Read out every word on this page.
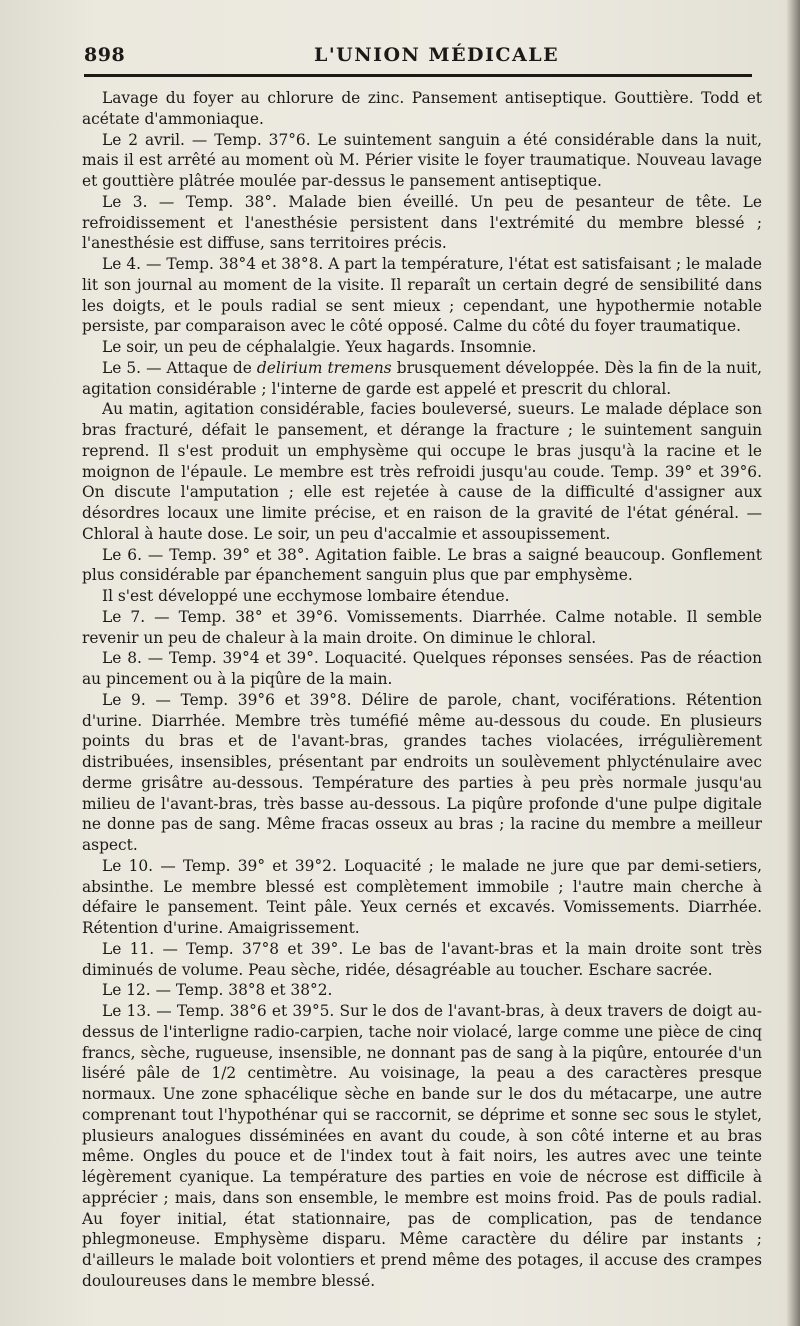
898	L'UNION MÉDICALE

Lavage du foyer au chlorure de zinc. Pansement antiseptique. Gouttière. Todd et acétate d'ammoniaque.

Le 2 avril. — Temp. 37°6. Le suintement sanguin a été considérable dans la nuit, mais il est arrêté au moment où M. Périer visite le foyer traumatique. Nouveau lavage et gouttière plâtrée moulée par-dessus le pansement antiseptique.

Le 3. — Temp. 38°. Malade bien éveillé. Un peu de pesanteur de tête. Le refroidissement et l'anesthésie persistent dans l'extrémité du membre blessé ; l'anesthésie est diffuse, sans territoires précis.

Le 4. — Temp. 38°4 et 38°8. A part la température, l'état est satisfaisant ; le malade lit son journal au moment de la visite. Il reparaît un certain degré de sensibilité dans les doigts, et le pouls radial se sent mieux ; cependant, une hypothermie notable persiste, par comparaison avec le côté opposé. Calme du côté du foyer traumatique.

Le soir, un peu de céphalalgie. Yeux hagards. Insomnie.

Le 5. — Attaque de delirium tremens brusquement développée. Dès la fin de la nuit, agitation considérable ; l'interne de garde est appelé et prescrit du chloral.

Au matin, agitation considérable, facies bouleversé, sueurs. Le malade déplace son bras fracturé, défait le pansement, et dérange la fracture ; le suintement sanguin reprend. Il s'est produit un emphysème qui occupe le bras jusqu'à la racine et le moignon de l'épaule. Le membre est très refroidi jusqu'au coude. Temp. 39° et 39°6. On discute l'amputation ; elle est rejetée à cause de la difficulté d'assigner aux désordres locaux une limite précise, et en raison de la gravité de l'état général. — Chloral à haute dose. Le soir, un peu d'accalmie et assoupissement.

Le 6. — Temp. 39° et 38°. Agitation faible. Le bras a saigné beaucoup. Gonflement plus considérable par épanchement sanguin plus que par emphysème.

Il s'est développé une ecchymose lombaire étendue.

Le 7. — Temp. 38° et 39°6. Vomissements. Diarrhée. Calme notable. Il semble revenir un peu de chaleur à la main droite. On diminue le chloral.

Le 8. — Temp. 39°4 et 39°. Loquacité. Quelques réponses sensées. Pas de réaction au pincement ou à la piqûre de la main.

Le 9. — Temp. 39°6 et 39°8. Délire de parole, chant, vociférations. Rétention d'urine. Diarrhée. Membre très tuméfié même au-dessous du coude. En plusieurs points du bras et de l'avant-bras, grandes taches violacées, irrégulièrement distribuées, insensibles, présentant par endroits un soulèvement phlycténulaire avec derme grisâtre au-dessous. Température des parties à peu près normale jusqu'au milieu de l'avant-bras, très basse au-dessous. La piqûre profonde d'une pulpe digitale ne donne pas de sang. Même fracas osseux au bras ; la racine du membre a meilleur aspect.

Le 10. — Temp. 39° et 39°2. Loquacité ; le malade ne jure que par demi-setiers, absinthe. Le membre blessé est complètement immobile ; l'autre main cherche à défaire le pansement. Teint pâle. Yeux cernés et excavés. Vomissements. Diarrhée. Rétention d'urine. Amaigrissement.

Le 11. — Temp. 37°8 et 39°. Le bas de l'avant-bras et la main droite sont très diminués de volume. Peau sèche, ridée, désagréable au toucher. Eschare sacrée.

Le 12. — Temp. 38°8 et 38°2.

Le 13. — Temp. 38°6 et 39°5. Sur le dos de l'avant-bras, à deux travers de doigt au-dessus de l'interligne radio-carpien, tache noir violacé, large comme une pièce de cinq francs, sèche, rugueuse, insensible, ne donnant pas de sang à la piqûre, entourée d'un liséré pâle de 1/2 centimètre. Au voisinage, la peau a des caractères presque normaux. Une zone sphacélique sèche en bande sur le dos du métacarpe, une autre comprenant tout l'hypothénar qui se raccornit, se déprime et sonne sec sous le stylet, plusieurs analogues disséminées en avant du coude, à son côté interne et au bras même. Ongles du pouce et de l'index tout à fait noirs, les autres avec une teinte légèrement cyanique. La température des parties en voie de nécrose est difficile à apprécier ; mais, dans son ensemble, le membre est moins froid. Pas de pouls radial. Au foyer initial, état stationnaire, pas de complication, pas de tendance phlegmoneuse. Emphysème disparu. Même caractère du délire par instants ; d'ailleurs le malade boit volontiers et prend même des potages, il accuse des crampes douloureuses dans le membre blessé.
